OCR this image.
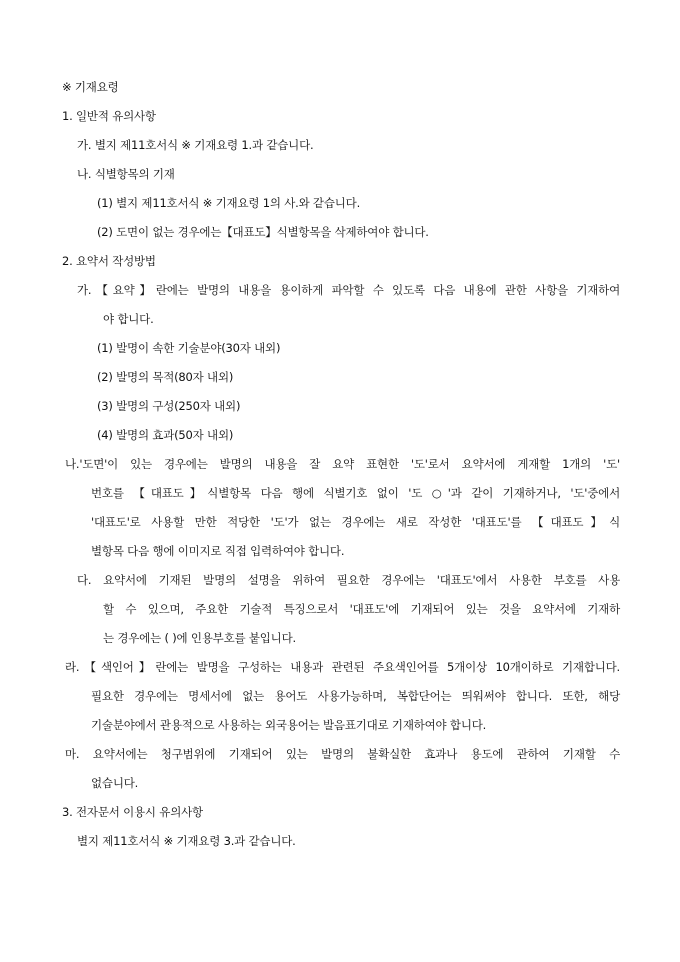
※ 기재요령
1. 일반적 유의사항
가. 별지 제11호서식 ※ 기재요령 1.과 같습니다.
나. 식별항목의 기재
(1) 별지 제11호서식 ※ 기재요령 1의 사.와 같습니다.
(2) 도면이 없는 경우에는【대표도】식별항목을 삭제하여야 합니다.
2. 요약서 작성방법
가.【요약】란에는 발명의 내용을 용이하게 파악할 수 있도록 다음 내용에 관한 사항을 기재하여
야 합니다.
(1) 발명이 속한 기술분야(30자 내외)
(2) 발명의 목적(80자 내외)
(3) 발명의 구성(250자 내외)
(4) 발명의 효과(50자 내외)
나.'도면'이 있는 경우에는 발명의 내용을 잘 요약 표현한 '도'로서 요약서에 게재할 1개의 '도'
번호를 【대표도】식별항목 다음 행에 식별기호 없이 '도 ○'과 같이 기재하거나, '도'중에서
'대표도'로 사용할 만한 적당한 '도'가 없는 경우에는 새로 작성한 '대표도'를 【대표도】식
별항목 다음 행에 이미지로 직접 입력하여야 합니다.
다. 요약서에 기재된 발명의 설명을 위하여 필요한 경우에는 '대표도'에서 사용한 부호를 사용
할 수 있으며, 주요한 기술적 특징으로서 '대표도'에 기재되어 있는 것을 요약서에 기재하
는 경우에는 ( )에 인용부호를 붙입니다.
라.【색인어】란에는 발명을 구성하는 내용과 관련된 주요색인어를 5개이상 10개이하로 기재합니다.
필요한 경우에는 명세서에 없는 용어도 사용가능하며, 복합단어는 띄워써야 합니다. 또한, 해당
기술분야에서 관용적으로 사용하는 외국용어는 발음표기대로 기재하여야 합니다.
마. 요약서에는 청구범위에 기재되어 있는 발명의 불확실한 효과나 용도에 관하여 기재할 수
없습니다.
3. 전자문서 이용시 유의사항
별지 제11호서식 ※ 기재요령 3.과 같습니다.
